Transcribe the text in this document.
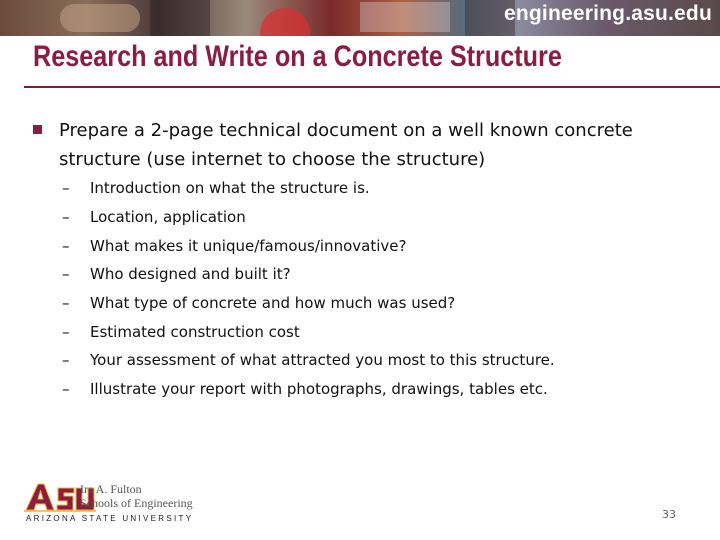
engineering.asu.edu
Research and Write on a Concrete Structure
Prepare a 2-page technical document on a well known concrete structure (use internet to choose the structure)
–	Introduction on what the structure is.
–	Location, application
–	What makes it unique/famous/innovative?
–	Who designed and built it?
–	What type of concrete and how much was used?
–	Estimated construction cost
–	Your assessment of what attracted you most to this structure.
–	Illustrate your report with photographs, drawings, tables etc.
Ira A. Fulton
Schools of Engineering
ARIZONA STATE UNIVERSITY	33
